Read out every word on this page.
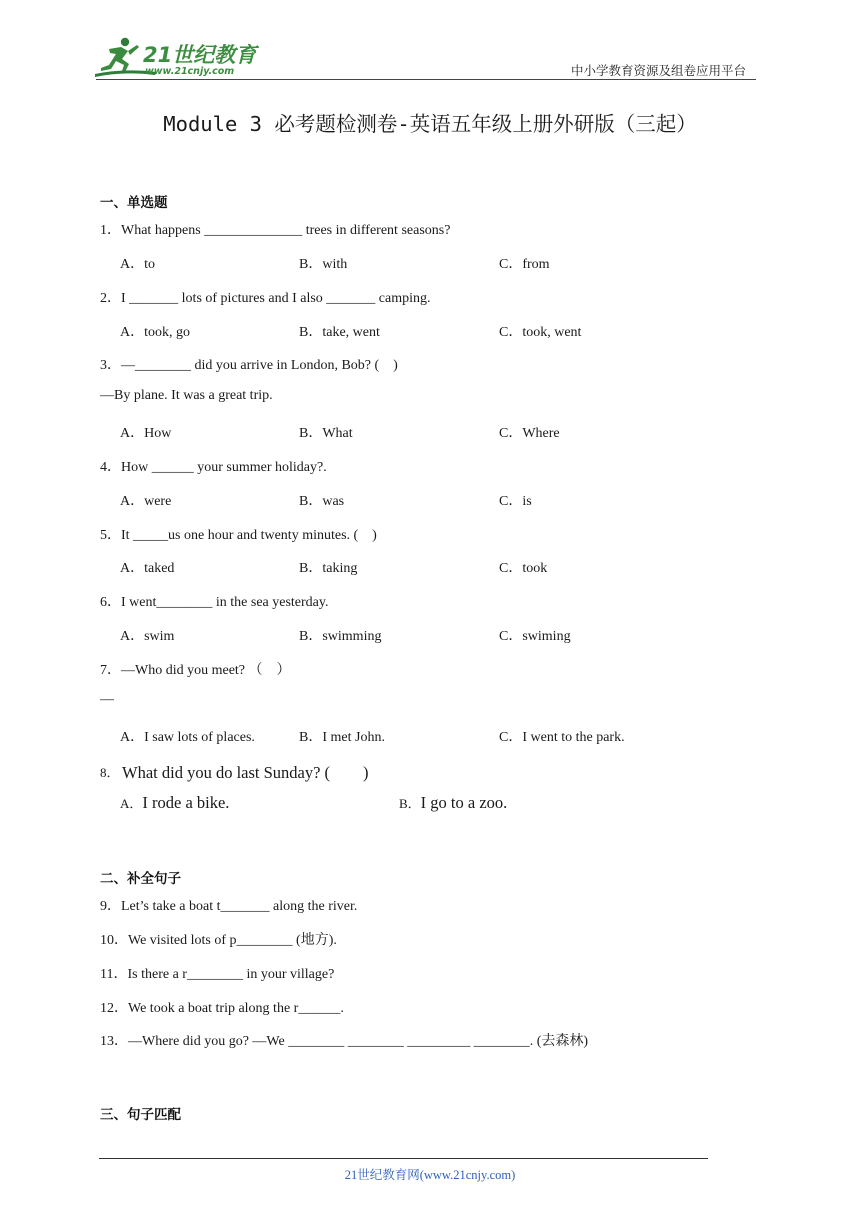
21世纪教育
www.21cnjy.com	中小学教育资源及组卷应用平台
Module 3 必考题检测卷-英语五年级上册外研版（三起）
一、单选题
1．What happens ______________ trees in different seasons?
A．to	B．with	C．from
2．I _______ lots of pictures and I also _______ camping.
A．took, go	B．take, went	C．took, went
3．—________ did you arrive in London, Bob? (　)
—By plane. It was a great trip.
A．How	B．What	C．Where
4．How ______ your summer holiday?.
A．were	B．was	C．is
5．It _____us one hour and twenty minutes. (　)
A．taked	B．taking	C．took
6．I went________ in the sea yesterday.
A．swim	B．swimming	C．swiming
7．—Who did you meet? （　）
—
A．I saw lots of places.	B．I met John.	C．I went to the park.
8． What did you do last Sunday? (　　)
A．I rode a bike.	B．I go to a zoo.
二、补全句子
9．Let’s take a boat t_______ along the river.
10．We visited lots of p________ (地方).
11．Is there a r________ in your village?
12．We took a boat trip along the r______.
13．—Where did you go? —We ________ ________ _________ ________. (去森林)
三、句子匹配
21世纪教育网(www.21cnjy.com)
